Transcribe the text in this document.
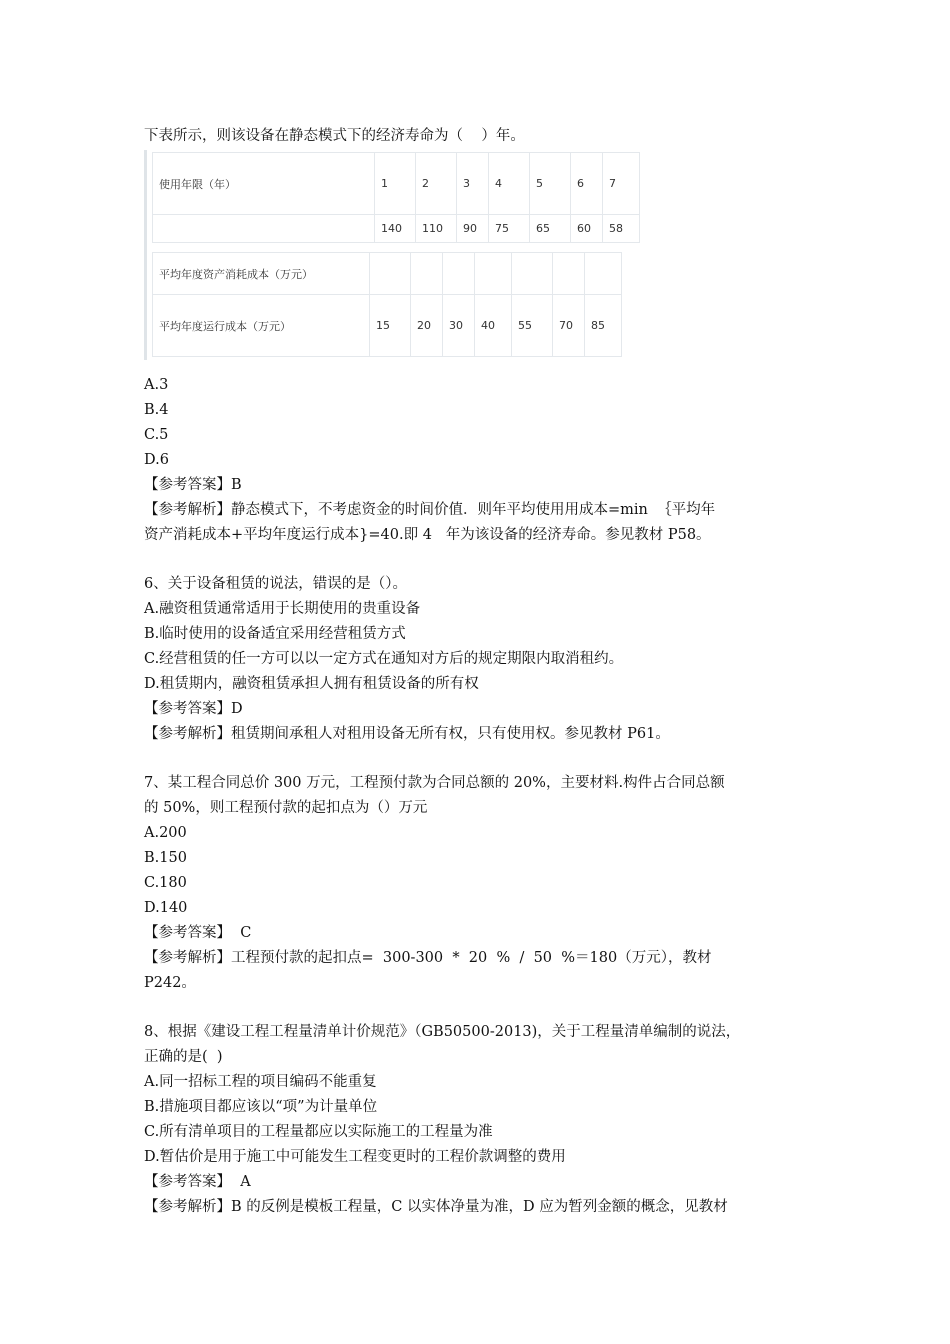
下表所示，则该设备在静态模式下的经济寿命为（    ）年。
使用年限（年）	1	2	3	4	5	6	7
	140	110	90	75	65	60	58
平均年度资产消耗成本（万元）							
平均年度运行成本（万元）	15	20	30	40	55	70	85
A.3
B.4
C.5
D.6
【参考答案】B
【参考解析】静态模式下，不考虑资金的时间价值．则年平均使用用成本=min  ｛平均年
资产消耗成本+平均年度运行成本}=40.即 4   年为该设备的经济寿命。参见教材 P58。
6、关于设备租赁的说法，错误的是（）。
A.融资租赁通常适用于长期使用的贵重设备
B.临时使用的设备适宜采用经营租赁方式
C.经营租赁的任一方可以以一定方式在通知对方后的规定期限内取消租约。
D.租赁期内，融资租赁承担人拥有租赁设备的所有权
【参考答案】D
【参考解析】租赁期间承租人对租用设备无所有权，只有使用权。参见教材 P61。
7、某工程合同总价 300 万元，工程预付款为合同总额的 20%，主要材料.构件占合同总额
的 50%，则工程预付款的起扣点为（）万元
A.200
B.150
C.180
D.140
【参考答案】  C
【参考解析】工程预付款的起扣点=  300-300  *  20  %  /  50  %＝180（万元），教材
P242。
8、根据《建设工程工程量清单计价规范》（GB50500-2013)，关于工程量清单编制的说法，
正确的是(  )
A.同一招标工程的项目编码不能重复
B.措施项目都应该以“项”为计量单位
C.所有清单项目的工程量都应以实际施工的工程量为准
D.暂估价是用于施工中可能发生工程变更时的工程价款调整的费用
【参考答案】  A
【参考解析】B 的反例是模板工程量，C 以实体净量为准，D 应为暂列金额的概念，见教材
